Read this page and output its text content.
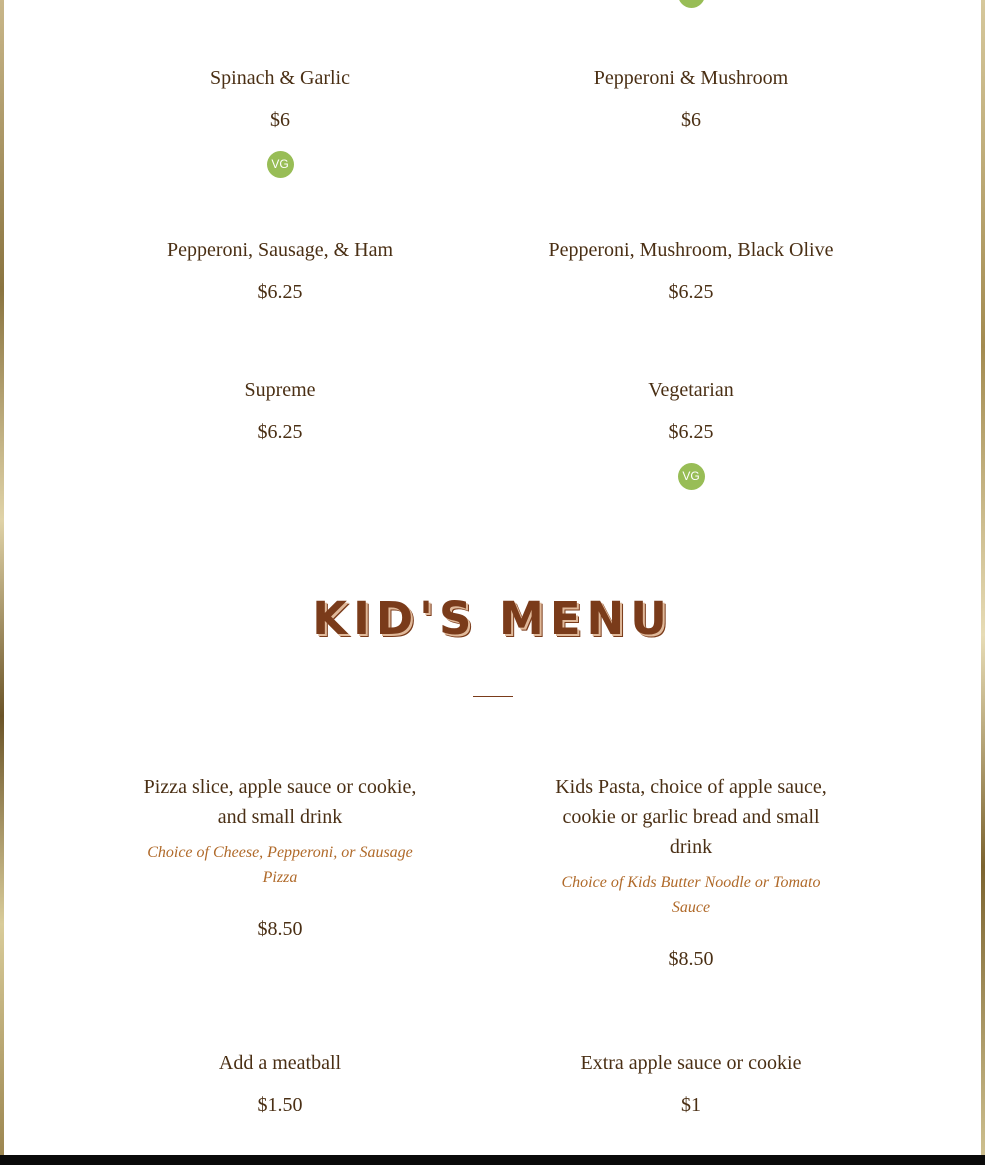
Spinach & Garlic

$6

VG

Pepperoni & Mushroom

$6

Pepperoni, Sausage, & Ham

$6.25

Pepperoni, Mushroom, Black Olive

$6.25

Supreme

$6.25

Vegetarian

$6.25

VG
KID'S MENU

Pizza slice, apple sauce or cookie, and small drink

Choice of Cheese, Pepperoni, or Sausage Pizza

$8.50

Kids Pasta, choice of apple sauce, cookie or garlic bread and small drink

Choice of Kids Butter Noodle or Tomato Sauce

$8.50

Add a meatball

$1.50

Extra apple sauce or cookie

$1
